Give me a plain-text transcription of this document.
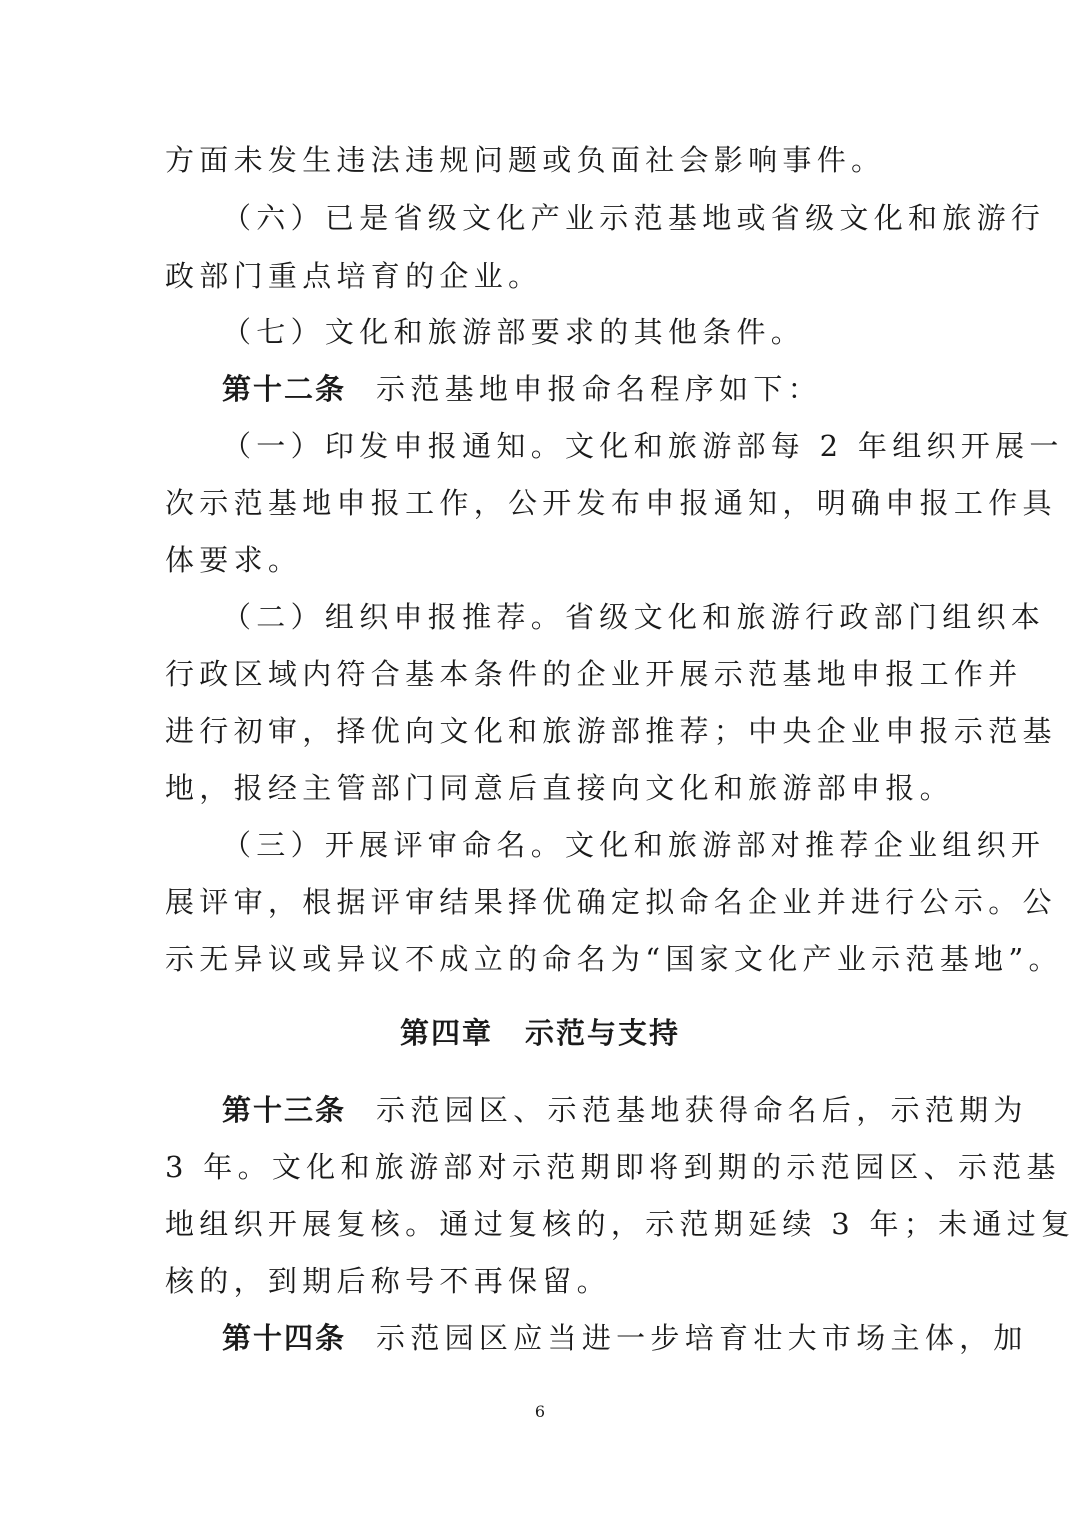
方面未发生违法违规问题或负面社会影响事件。
（六）已是省级文化产业示范基地或省级文化和旅游行
政部门重点培育的企业。
（七）文化和旅游部要求的其他条件。
第十二条 示范基地申报命名程序如下：
（一）印发申报通知。文化和旅游部每 2 年组织开展一
次示范基地申报工作，公开发布申报通知，明确申报工作具
体要求。
（二）组织申报推荐。省级文化和旅游行政部门组织本
行政区域内符合基本条件的企业开展示范基地申报工作并
进行初审，择优向文化和旅游部推荐；中央企业申报示范基
地，报经主管部门同意后直接向文化和旅游部申报。
（三）开展评审命名。文化和旅游部对推荐企业组织开
展评审，根据评审结果择优确定拟命名企业并进行公示。公
示无异议或异议不成立的命名为“国家文化产业示范基地”。
第四章 示范与支持
第十三条 示范园区、示范基地获得命名后，示范期为
3 年。文化和旅游部对示范期即将到期的示范园区、示范基
地组织开展复核。通过复核的，示范期延续 3 年；未通过复
核的，到期后称号不再保留。
第十四条 示范园区应当进一步培育壮大市场主体，加
6
